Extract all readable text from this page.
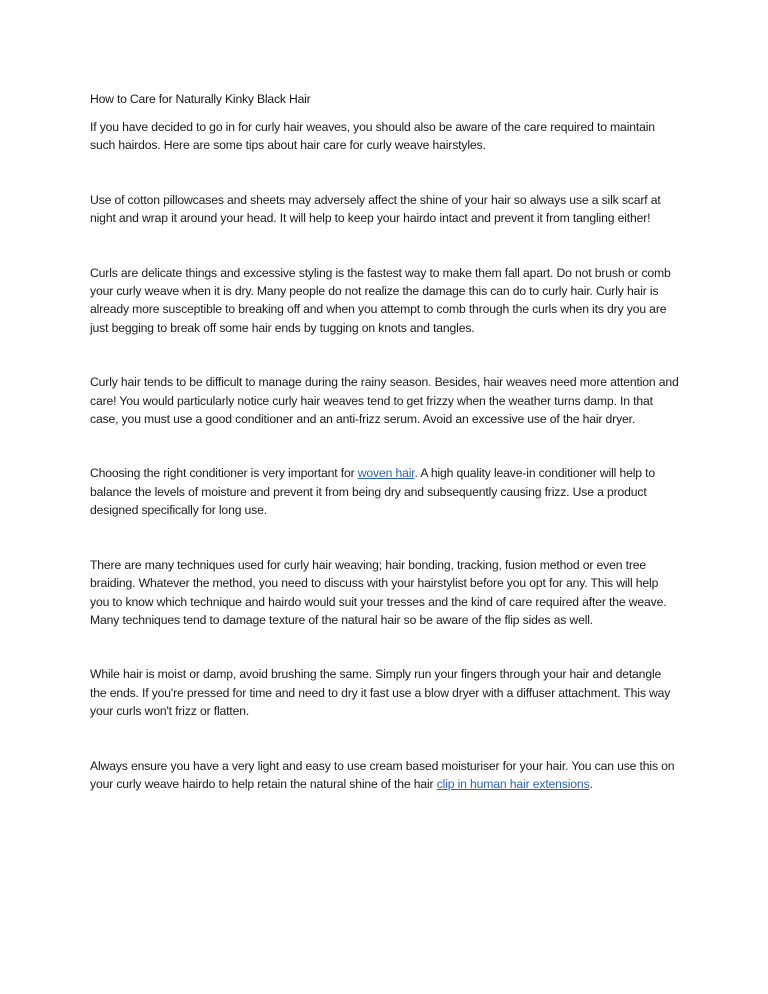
How to Care for Naturally Kinky Black Hair

If you have decided to go in for curly hair weaves, you should also be aware of the care required to maintain such hairdos. Here are some tips about hair care for curly weave hairstyles.

Use of cotton pillowcases and sheets may adversely affect the shine of your hair so always use a silk scarf at night and wrap it around your head. It will help to keep your hairdo intact and prevent it from tangling either!

Curls are delicate things and excessive styling is the fastest way to make them fall apart. Do not brush or comb your curly weave when it is dry. Many people do not realize the damage this can do to curly hair. Curly hair is already more susceptible to breaking off and when you attempt to comb through the curls when its dry you are just begging to break off some hair ends by tugging on knots and tangles.

Curly hair tends to be difficult to manage during the rainy season. Besides, hair weaves need more attention and care! You would particularly notice curly hair weaves tend to get frizzy when the weather turns damp. In that case, you must use a good conditioner and an anti-frizz serum. Avoid an excessive use of the hair dryer.

Choosing the right conditioner is very important for woven hair. A high quality leave-in conditioner will help to balance the levels of moisture and prevent it from being dry and subsequently causing frizz. Use a product designed specifically for long use.

There are many techniques used for curly hair weaving; hair bonding, tracking, fusion method or even tree braiding. Whatever the method, you need to discuss with your hairstylist before you opt for any. This will help you to know which technique and hairdo would suit your tresses and the kind of care required after the weave. Many techniques tend to damage texture of the natural hair so be aware of the flip sides as well.

While hair is moist or damp, avoid brushing the same. Simply run your fingers through your hair and detangle the ends. If you're pressed for time and need to dry it fast use a blow dryer with a diffuser attachment. This way your curls won't frizz or flatten.

Always ensure you have a very light and easy to use cream based moisturiser for your hair. You can use this on your curly weave hairdo to help retain the natural shine of the hair clip in human hair extensions.
